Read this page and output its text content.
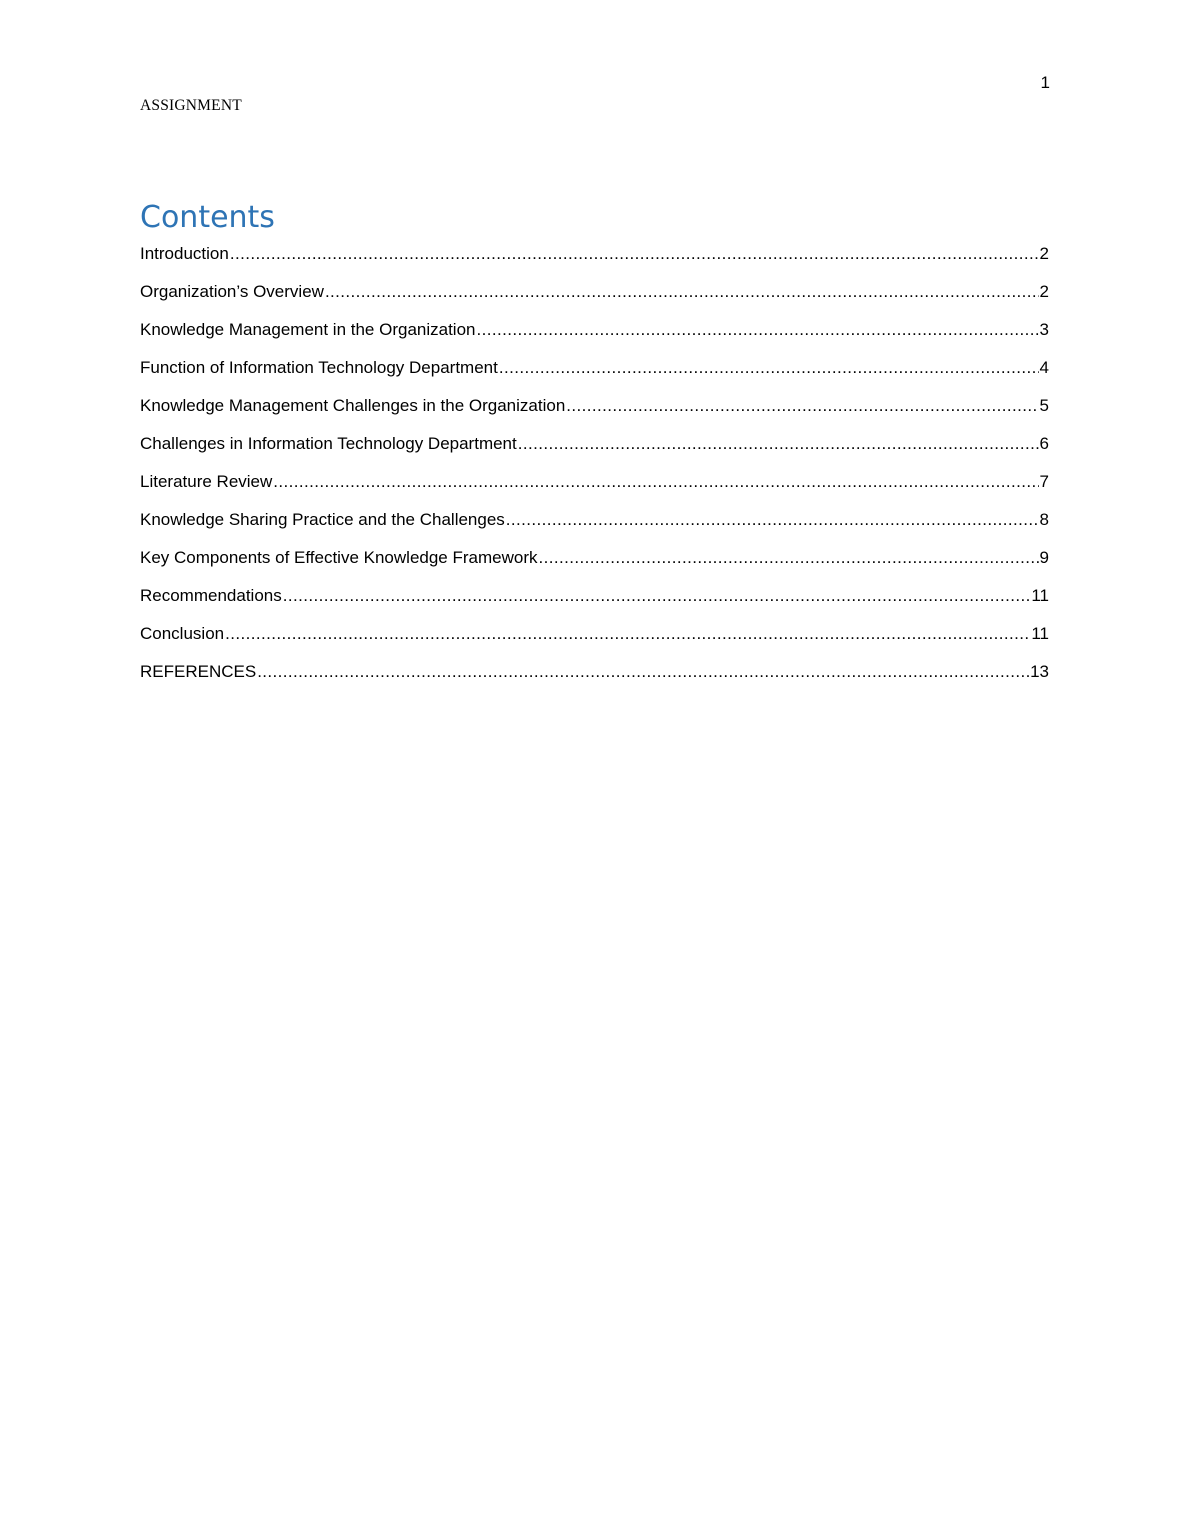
1
ASSIGNMENT
Contents
Introduction .....	2
Organization’s Overview .....	2
Knowledge Management in the Organization .....	3
Function of Information Technology Department .....	4
Knowledge Management Challenges in the Organization .....	5
Challenges in Information Technology Department .....	6
Literature Review .....	7
Knowledge Sharing Practice and the Challenges .....	8
Key Components of Effective Knowledge Framework .....	9
Recommendations .....	11
Conclusion .....	11
REFERENCES .....	13
